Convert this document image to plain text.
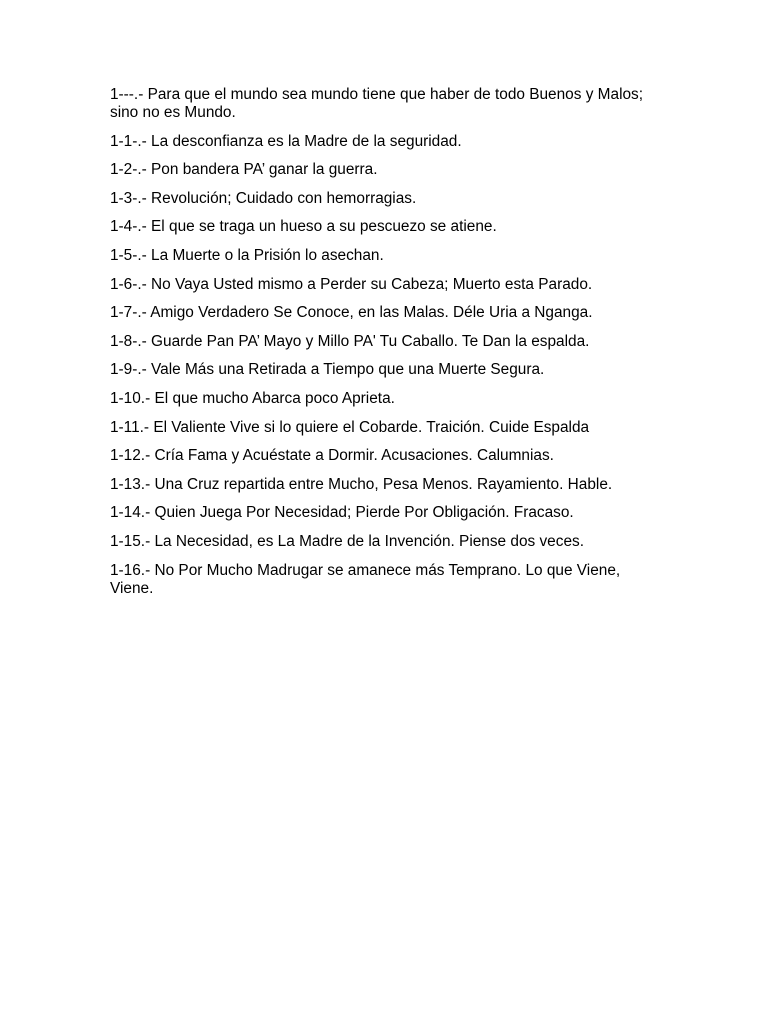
1---.- Para que el mundo sea mundo tiene que haber de todo Buenos y Malos; sino no es Mundo.

1-1-.- La desconfianza es la Madre de la seguridad.

1-2-.- Pon bandera PA’ ganar la guerra.

1-3-.- Revolución; Cuidado con hemorragias.

1-4-.- El que se traga un hueso a su pescuezo se atiene.

1-5-.- La Muerte o la Prisión lo asechan.

1-6-.- No Vaya Usted mismo a Perder su Cabeza; Muerto esta Parado.

1-7-.- Amigo Verdadero Se Conoce, en las Malas. Déle Uria a Nganga.

1-8-.- Guarde Pan PA’ Mayo y Millo PA' Tu Caballo. Te Dan la espalda.

1-9-.- Vale Más una Retirada a Tiempo que una Muerte Segura.

1-10.- El que mucho Abarca poco Aprieta.

1-11.- El Valiente Vive si lo quiere el Cobarde. Traición. Cuide Espalda

1-12.- Cría Fama y Acuéstate a Dormir. Acusaciones. Calumnias.

1-13.- Una Cruz repartida entre Mucho, Pesa Menos. Rayamiento. Hable.

1-14.- Quien Juega Por Necesidad; Pierde Por Obligación. Fracaso.

1-15.- La Necesidad, es La Madre de la Invención. Piense dos veces.

1-16.- No Por Mucho Madrugar se amanece más Temprano. Lo que Viene, Viene.
